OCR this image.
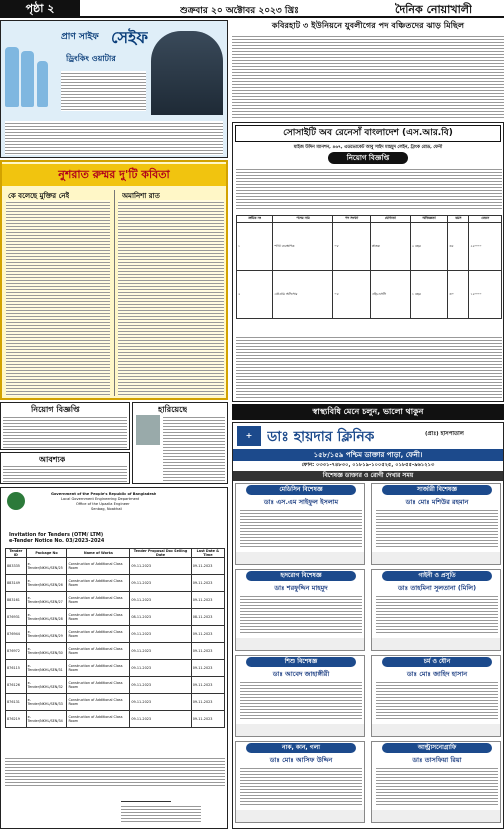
পৃষ্ঠা ২	শুক্রবার ২০ অক্টোবর ২০২৩ খ্রিঃ	দৈনিক নোয়াখালী
প্রাণ সাইফ সেইফ
ড্রিংকিং ওয়াটার
নুশরাত রুম্মর দু'টি কবিতা
কে বলেছে মুক্তির নেই	অমানিশা রাত
নিয়োগ বিজ্ঞপ্তি	হারিয়েছে
আবশ্যক
Government of the People's Republic of Bangladesh
Local Government Engineering Department
Office of the Upazila Engineer
Senbag, Noakhali
Invitation for Tenders (OTM/ LTM)
e-Tender Notice No. 03/2023-2024
Tender ID	Package No	Name of Works	Tender Proposal Doc Selling Date	Last Date & Time
883335	e-Tender/NKHL/SEN/25	Construction of Additional Class Room	09-11-2023	09-11-2023
883149	e-Tender/NKHL/SEN/26	Construction of Additional Class Room	09-11-2023	09-11-2023
883161	e-Tender/NKHL/SEN/27	Construction of Additional Class Room	09-11-2023	09-11-2023
876931	e-Tender/NKHL/SEN/28	Construction of Additional Class Room	08-11-2023	08-11-2023
876944	e-Tender/NKHL/SEN/29	Construction of Additional Class Room	09-11-2023	09-11-2023
876972	e-Tender/NKHL/SEN/30	Construction of Additional Class Room	09-11-2023	09-11-2023
876115	e-Tender/NKHL/SEN/31	Construction of Additional Class Room	09-11-2023	09-11-2023
876126	e-Tender/NKHL/SEN/32	Construction of Additional Class Room	09-11-2023	09-11-2023
876131	e-Tender/NKHL/SEN/33	Construction of Additional Class Room	09-11-2023	09-11-2023
876219	e-Tender/NKHL/SEN/34	Construction of Additional Class Room	09-11-2023	09-11-2023
কবিরহাট ৩ ইউনিয়নে যুবলীগের পদ বঞ্চিতদের ঝাড় মিছিল
সোসাইটি অব রেনেসাঁ বাংলাদেশ (এস.আর.বি)
মাইজ উদিন ম্যানশন, ৪৬৭, এডভোকেট আবু সাইদ মাহমুদ লেইন, ট্রাংক রোড, ফেনী
নিয়োগ বিজ্ঞপ্তি
ক্রমিক নং	পদের নাম	পদ সংখ্যা	যোগ্যতা	অভিজ্ঞতা	বয়স	বেতন
১	শাখা ব্যবস্থাপক	০৮	স্নাতক	২ বছর	৩৫	২৫০০০
২	প্রোগ্রাম অফিসার	০৫	এইচএসসি	১ বছর	৩০	১৫০০০
স্বাস্থ্যবিধি মেনে চলুন, ভালো থাকুন
+	ডাঃ হায়দার ক্লিনিক	(প্রাঃ) হাসপাতাল
১৫৮/১৫৯ পশ্চিম ডাক্তার পাড়া, ফেনী।
ফোন: ০৩৩১-৭৪৮৩০, ০১৮১৯-১০০৫২৫, ০১৮৫৫-৯৬১২১৩
বিশেষজ্ঞ ডাক্তার ও রোগী দেখার সময়
মেডিসিন বিশেষজ্ঞ
ডাঃ এস.এম সাইফুল ইসলাম
সার্জারী বিশেষজ্ঞ
ডাঃ মোঃ মশিউর রহমান
হৃদরোগ বিশেষজ্ঞ
ডাঃ শরফুদ্দিন মাহমুদ
গাইনী ও প্রসূতি
ডাঃ তাহমিনা সুলতানা (মিলি)
শিশু বিশেষজ্ঞ
ডাঃ আবেদ জাহাঙ্গীরী
চর্ম ও যৌন
ডাঃ মোঃ জাহিদ হাসান
নাক, কান, গলা
ডাঃ মোঃ আসিফ উদ্দিন
আল্ট্রাসনোগ্রাফি
ডাঃ তাসফিয়া রিয়া
